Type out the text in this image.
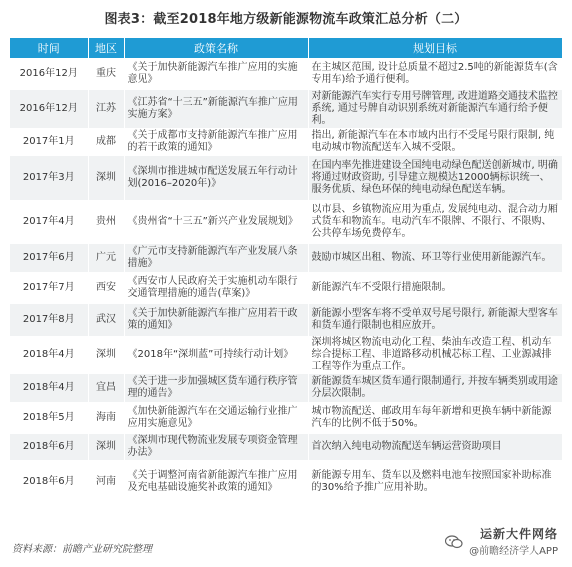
图表3：截至2018年地方级新能源物流车政策汇总分析（二）
时间	地区	政策名称	规划目标
2016年12月	重庆	《关于加快新能源汽车推广应用的实施意见》	在主城区范围, 设计总质量不超过2.5吨的新能源货车(含专用车)给予通行便利。
2016年12月	江苏	《江苏省“十三五”新能源汽车推广应用实施方案》	对新能源汽车实行专用号牌管理, 改进道路交通技术监控系统, 通过号牌自动识别系统对新能源汽车通行给予便利。
2017年1月	成都	《关于成都市支持新能源汽车推广应用的若干政策的通知》	指出, 新能源汽车在本市域内出行不受尾号限行限制, 纯电动城市物流配送车入城不受限。
2017年3月	深圳	《深圳市推进城市配送发展五年行动计划(2016–2020年)》	在国内率先推进建设全国纯电动绿色配送创新城市, 明确将通过财政资助, 引导建立规模达12000辆标识统一、服务优质、绿色环保的纯电动绿色配送车辆。
2017年4月	贵州	《贵州省“十三五”新兴产业发展规划》	以市县、乡镇物流应用为重点, 发展纯电动、混合动力厢式货车和物流车。电动汽车不限牌、不限行、不限购、公共停车场免费停车。
2017年6月	广元	《广元市支持新能源汽车产业发展八条措施》	鼓励市城区出租、物流、环卫等行业使用新能源汽车。
2017年7月	西安	《西安市人民政府关于实施机动车限行交通管理措施的通告(草案)》	新能源汽车不受限行措施限制。
2017年8月	武汉	《关于加快新能源汽车推广应用若干政策的通知》	新能源小型客车将不受单双号尾号限行, 新能源大型客车和货车通行限制也相应放开。
2018年4月	深圳	《2018年“深圳蓝”可持续行动计划》	深圳将城区物流电动化工程、柴油车改造工程、机动车综合提标工程、非道路移动机械芯标工程、工业源减排工程等作为重点工作。
2018年4月	宜昌	《关于进一步加强城区货车通行秩序管理的通告》	新能源货车城区货车通行限制通行, 并按车辆类别或用途分层次限制。
2018年5月	海南	《加快新能源汽车在交通运输行业推广应用实施意见》	城市物流配送、邮政用车每年新增和更换车辆中新能源汽车的比例不低于50%。
2018年6月	深圳	《深圳市现代物流业发展专项资金管理办法》	首次纳入纯电动物流配送车辆运营资助项目
2018年6月	河南	《关于调整河南省新能源汽车推广应用及充电基础设施奖补政策的通知》	新能源专用车、货车以及燃料电池车按照国家补助标准的30%给予推广应用补助。
资料来源：前瞻产业研究院整理
运新大件网络
@前瞻经济学人APP
